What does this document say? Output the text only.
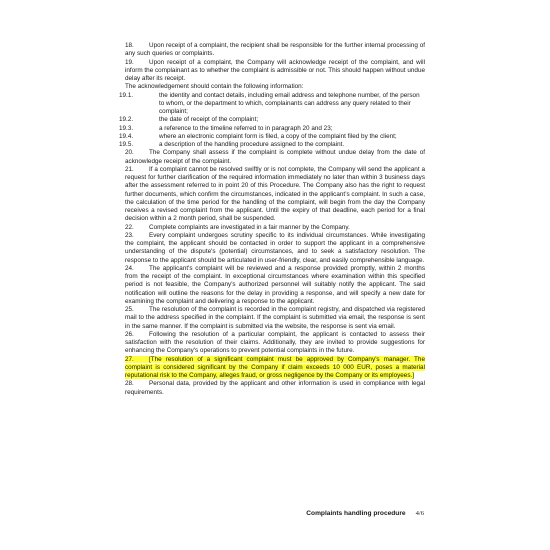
18. Upon receipt of a complaint, the recipient shall be responsible for the further internal processing of any such queries or complaints.

19. Upon receipt of a complaint, the Company will acknowledge receipt of the complaint, and will inform the complainant as to whether the complaint is admissible or not. This should happen without undue delay after its receipt.

The acknowledgement should contain the following information:

19.1.	the identity and contact details, including email address and telephone number, of the person to whom, or the department to which, complainants can address any query related to their complaint;

19.2.	the date of receipt of the complaint;

19.3.	a reference to the timeline referred to in paragraph 20 and 23;

19.4.	where an electronic complaint form is filed, a copy of the complaint filed by the client;

19.5.	a description of the handling procedure assigned to the complaint.

20. The Company shall assess if the complaint is complete without undue delay from the date of acknowledge receipt of the complaint.

21. If a complaint cannot be resolved swiftly or is not complete, the Company will send the applicant a request for further clarification of the required information immediately no later than within 3 business days after the assessment referred to in point 20 of this Procedure. The Company also has the right to request further documents, which confirm the circumstances, indicated in the applicant’s complaint. In such a case, the calculation of the time period for the handling of the complaint, will begin from the day the Company receives a revised complaint from the applicant. Until the expiry of that deadline, each period for a final decision within a 2 month period, shall be suspended.

22. Complete complaints are investigated in a fair manner by the Company.

23. Every complaint undergoes scrutiny specific to its individual circumstances. While investigating the complaint, the applicant should be contacted in order to support the applicant in a comprehensive understanding of the dispute's (potential) circumstances, and to seek a satisfactory resolution. The response to the applicant should be articulated in user-friendly, clear, and easily comprehensible language.

24. The applicant's complaint will be reviewed and a response provided promptly, within 2 months from the receipt of the complaint. In exceptional circumstances where examination within this specified period is not feasible, the Company's authorized personnel will suitably notify the applicant. The said notification will outline the reasons for the delay in providing a response, and will specify a new date for examining the complaint and delivering a response to the applicant.

25. The resolution of the complaint is recorded in the complaint registry, and dispatched via registered mail to the address specified in the complaint. If the complaint is submitted via email, the response is sent in the same manner. If the complaint is submitted via the website, the response is sent via email.

26. Following the resolution of a particular complaint, the applicant is contacted to assess their satisfaction with the resolution of their claims. Additionally, they are invited to provide suggestions for enhancing the Company's operations to prevent potential complaints in the future.

27. [The resolution of a significant complaint must be approved by Company’s manager. The complaint is considered significant by the Company if claim exceeds 10 000 EUR, poses a material reputational risk to the Company, alleges fraud, or gross negligence by the Company or its employees.]

28. Personal data, provided by the applicant and other information is used in compliance with legal requirements.

Complaints handling procedure 4/6
